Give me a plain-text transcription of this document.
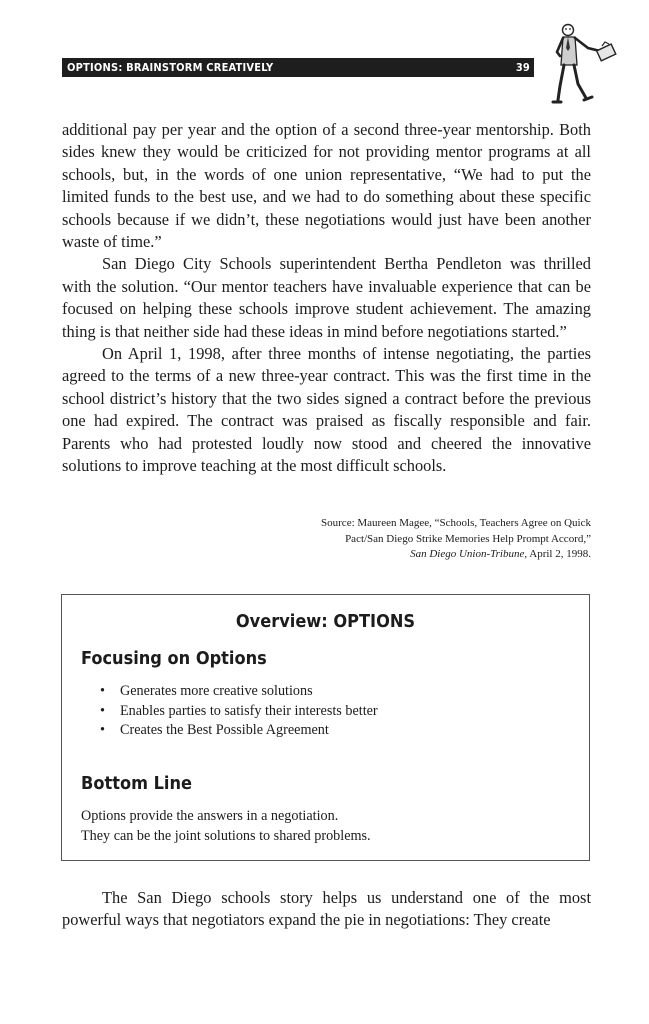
OPTIONS: BRAINSTORM CREATIVELY	39

additional pay per year and the option of a second three-year mentorship. Both sides knew they would be criticized for not providing mentor programs at all schools, but, in the words of one union representative, “We had to put the limited funds to the best use, and we had to do something about these specific schools because if we didn’t, these negotiations would just have been another waste of time.”

San Diego City Schools superintendent Bertha Pendleton was thrilled with the solution. “Our mentor teachers have invaluable experience that can be focused on helping these schools improve student achievement. The amazing thing is that neither side had these ideas in mind before negotiations started.”

On April 1, 1998, after three months of intense negotiating, the parties agreed to the terms of a new three-year contract. This was the first time in the school district’s history that the two sides signed a contract before the previous one had expired. The contract was praised as fiscally responsible and fair. Parents who had protested loudly now stood and cheered the innovative solutions to improve teaching at the most difficult schools.

Source: Maureen Magee, “Schools, Teachers Agree on Quick
Pact/San Diego Strike Memories Help Prompt Accord,”
San Diego Union-Tribune, April 2, 1998.
Overview: OPTIONS
Focusing on Options
• Generates more creative solutions
• Enables parties to satisfy their interests better
• Creates the Best Possible Agreement
Bottom Line
Options provide the answers in a negotiation.
They can be the joint solutions to shared problems.

The San Diego schools story helps us understand one of the most powerful ways that negotiators expand the pie in negotiations: They create
